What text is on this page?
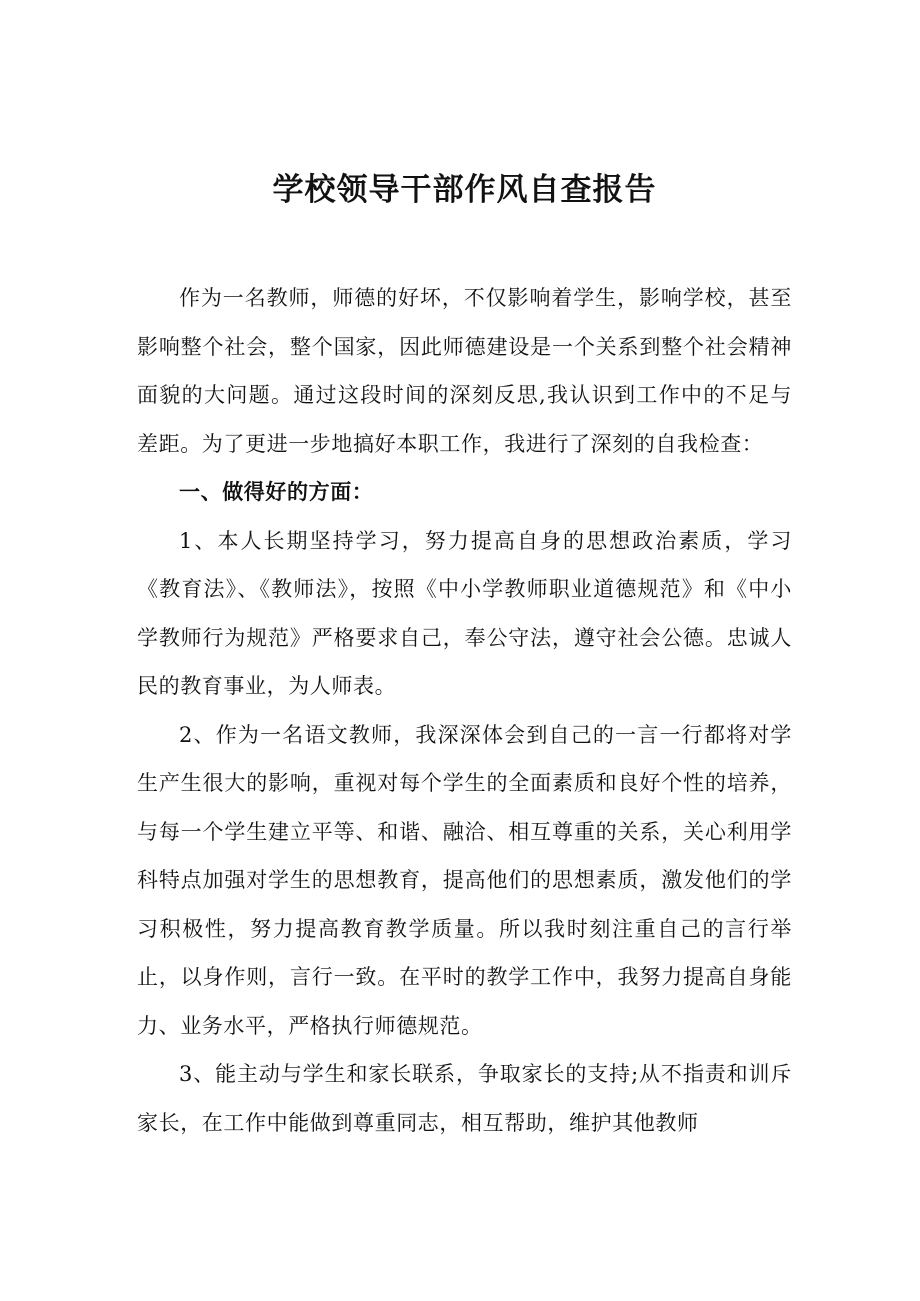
学校领导干部作风自查报告

作为一名教师，师德的好坏，不仅影响着学生，影响学校，甚至影响整个社会，整个国家，因此师德建设是一个关系到整个社会精神面貌的大问题。通过这段时间的深刻反思,我认识到工作中的不足与差距。为了更进一步地搞好本职工作，我进行了深刻的自我检查：

一、做得好的方面：

1、本人长期坚持学习，努力提高自身的思想政治素质，学习《教育法》、《教师法》，按照《中小学教师职业道德规范》和《中小学教师行为规范》严格要求自己，奉公守法，遵守社会公德。忠诚人民的教育事业，为人师表。

2、作为一名语文教师，我深深体会到自己的一言一行都将对学生产生很大的影响，重视对每个学生的全面素质和良好个性的培养，与每一个学生建立平等、和谐、融洽、相互尊重的关系，关心利用学科特点加强对学生的思想教育，提高他们的思想素质，激发他们的学习积极性，努力提高教育教学质量。所以我时刻注重自己的言行举止，以身作则，言行一致。在平时的教学工作中，我努力提高自身能力、业务水平，严格执行师德规范。

3、能主动与学生和家长联系，争取家长的支持;从不指责和训斥家长，在工作中能做到尊重同志，相互帮助，维护其他教师
